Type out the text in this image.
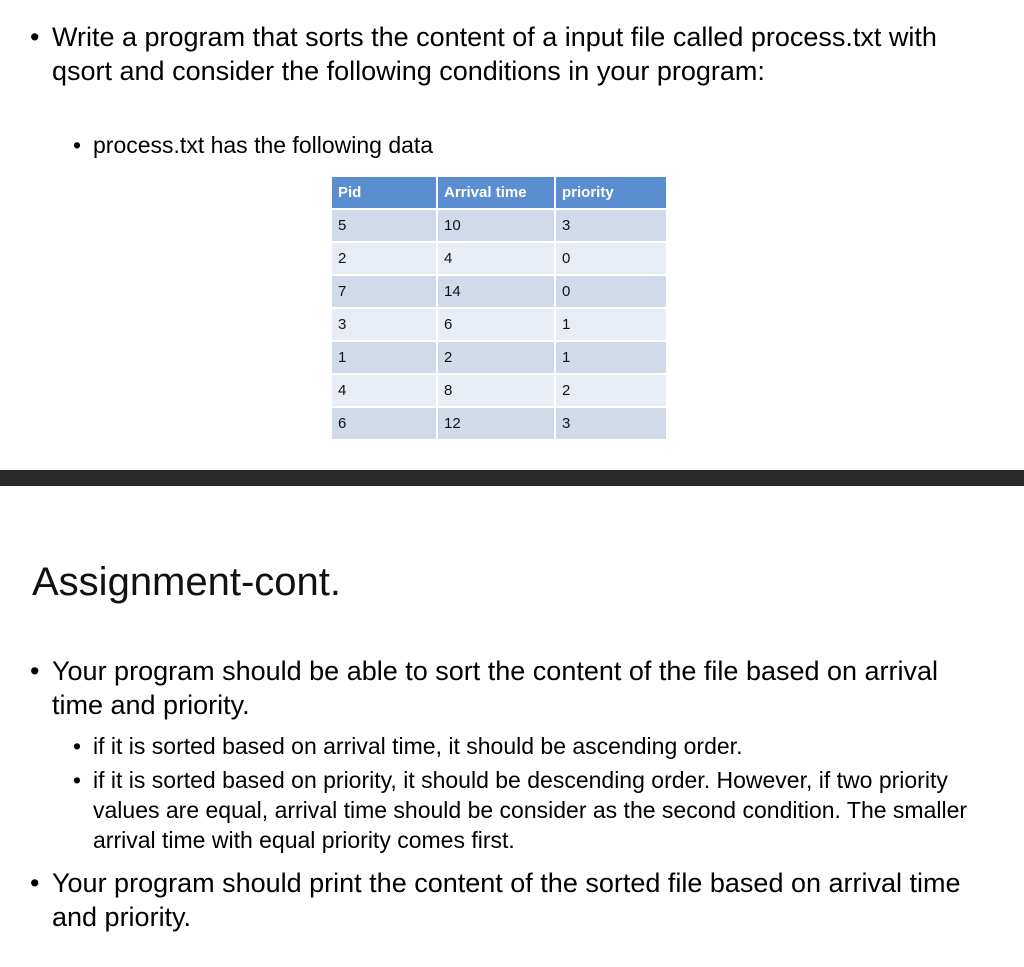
• Write a program that sorts the content of a input file called process.txt with qsort and consider the following conditions in your program:
• process.txt has the following data
Pid	Arrival time	priority
5	10	3
2	4	0
7	14	0
3	6	1
1	2	1
4	8	2
6	12	3
Assignment-cont.
• Your program should be able to sort the content of the file based on arrival time and priority.
• if it is sorted based on arrival time, it should be ascending order.
• if it is sorted based on priority, it should be descending order. However, if two priority values are equal, arrival time should be consider as the second condition. The smaller arrival time with equal priority comes first.
• Your program should print the content of the sorted file based on arrival time and priority.
